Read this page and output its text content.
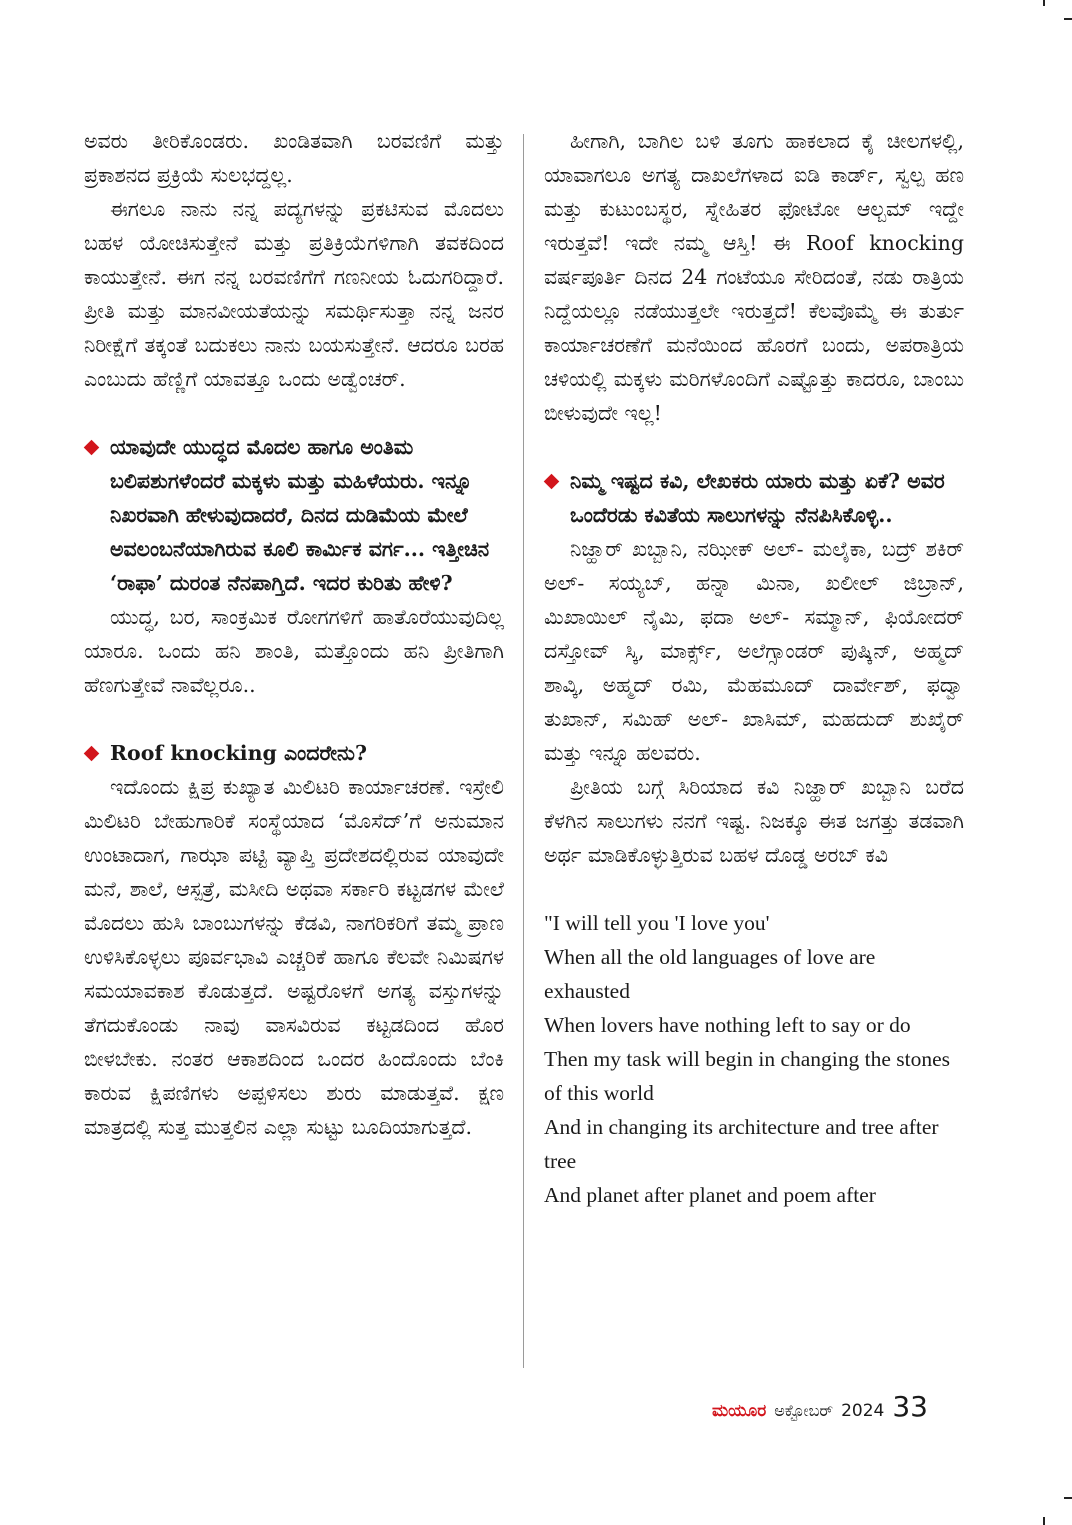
ಅವರು ತೀರಿಕೊಂಡರು. ಖಂಡಿತವಾಗಿ ಬರವಣಿಗೆ ಮತ್ತು ಪ್ರಕಾಶನದ ಪ್ರಕ್ರಿಯೆ ಸುಲಭದ್ದಲ್ಲ.

ಈಗಲೂ ನಾನು ನನ್ನ ಪದ್ಯಗಳನ್ನು ಪ್ರಕಟಿಸುವ ಮೊದಲು ಬಹಳ ಯೋಚಿಸುತ್ತೇನೆ ಮತ್ತು ಪ್ರತಿಕ್ರಿಯೆಗಳಿಗಾಗಿ ತವಕದಿಂದ ಕಾಯುತ್ತೇನೆ. ಈಗ ನನ್ನ ಬರವಣಿಗೆಗೆ ಗಣನೀಯ ಓದುಗರಿದ್ದಾರೆ. ಪ್ರೀತಿ ಮತ್ತು ಮಾನವೀಯತೆಯನ್ನು ಸಮರ್ಥಿಸುತ್ತಾ ನನ್ನ ಜನರ ನಿರೀಕ್ಷೆಗೆ ತಕ್ಕಂತೆ ಬದುಕಲು ನಾನು ಬಯಸುತ್ತೇನೆ. ಆದರೂ ಬರಹ ಎಂಬುದು ಹೆಣ್ಣಿಗೆ ಯಾವತ್ತೂ ಒಂದು ಅಡ್ವೆಂಚರ್.

ಯಾವುದೇ ಯುದ್ಧದ ಮೊದಲ ಹಾಗೂ ಅಂತಿಮ ಬಲಿಪಶುಗಳೆಂದರೆ ಮಕ್ಕಳು ಮತ್ತು ಮಹಿಳೆಯರು. ಇನ್ನೂ ನಿಖರವಾಗಿ ಹೇಳುವುದಾದರೆ, ದಿನದ ದುಡಿಮೆಯ ಮೇಲೆ ಅವಲಂಬನೆಯಾಗಿರುವ ಕೂಲಿ ಕಾರ್ಮಿಕ ವರ್ಗ... ಇತ್ತೀಚಿನ ‘ರಾಫಾ’ ದುರಂತ ನೆನಪಾಗ್ತಿದೆ. ಇದರ ಕುರಿತು ಹೇಳಿ?

ಯುದ್ಧ, ಬರ, ಸಾಂಕ್ರಮಿಕ ರೋಗಗಳಿಗೆ ಹಾತೊರೆಯುವುದಿಲ್ಲ ಯಾರೂ. ಒಂದು ಹನಿ ಶಾಂತಿ, ಮತ್ತೊಂದು ಹನಿ ಪ್ರೀತಿಗಾಗಿ ಹೆಣಗುತ್ತೇವೆ ನಾವೆಲ್ಲರೂ..

Roof knocking ಎಂದರೇನು?

ಇದೊಂದು ಕ್ಷಿಪ್ರ ಕುಖ್ಯಾತ ಮಿಲಿಟರಿ ಕಾರ್ಯಾಚರಣೆ. ಇಸ್ರೇಲಿ ಮಿಲಿಟರಿ ಬೇಹುಗಾರಿಕೆ ಸಂಸ್ಥೆಯಾದ ‘ಮೊಸೆದ್’ಗೆ ಅನುಮಾನ ಉಂಟಾದಾಗ, ಗಾಝಾ ಪಟ್ಟಿ ವ್ಯಾಪ್ತಿ ಪ್ರದೇಶದಲ್ಲಿರುವ ಯಾವುದೇ ಮನೆ, ಶಾಲೆ, ಆಸ್ಪತ್ರೆ, ಮಸೀದಿ ಅಥವಾ ಸರ್ಕಾರಿ ಕಟ್ಟಡಗಳ ಮೇಲೆ ಮೊದಲು ಹುಸಿ ಬಾಂಬುಗಳನ್ನು ಕೆಡವಿ, ನಾಗರಿಕರಿಗೆ ತಮ್ಮ ಪ್ರಾಣ ಉಳಿಸಿಕೊಳ್ಳಲು ಪೂರ್ವಭಾವಿ ಎಚ್ಚರಿಕೆ ಹಾಗೂ ಕೆಲವೇ ನಿಮಿಷಗಳ ಸಮಯಾವಕಾಶ ಕೊಡುತ್ತದೆ. ಅಷ್ಟರೊಳಗೆ ಅಗತ್ಯ ವಸ್ತುಗಳನ್ನು ತೆಗದುಕೊಂಡು ನಾವು ವಾಸವಿರುವ ಕಟ್ಟಡದಿಂದ ಹೊರ ಬೀಳಬೇಕು. ನಂತರ ಆಕಾಶದಿಂದ ಒಂದರ ಹಿಂದೊಂದು ಬೆಂಕಿ ಕಾರುವ ಕ್ಷಿಪಣಿಗಳು ಅಪ್ಪಳಿಸಲು ಶುರು ಮಾಡುತ್ತವೆ. ಕ್ಷಣ ಮಾತ್ರದಲ್ಲಿ ಸುತ್ತ ಮುತ್ತಲಿನ ಎಲ್ಲಾ ಸುಟ್ಟು ಬೂದಿಯಾಗುತ್ತದೆ.

ಹೀಗಾಗಿ, ಬಾಗಿಲ ಬಳಿ ತೂಗು ಹಾಕಲಾದ ಕೈ ಚೀಲಗಳಲ್ಲಿ, ಯಾವಾಗಲೂ ಅಗತ್ಯ ದಾಖಲೆಗಳಾದ ಐಡಿ ಕಾರ್ಡ್, ಸ್ವಲ್ಪ ಹಣ ಮತ್ತು ಕುಟುಂಬಸ್ಥರ, ಸ್ನೇಹಿತರ ಫೋಟೋ ಆಲ್ಬಮ್ ಇದ್ದೇ ಇರುತ್ತವೆ! ಇದೇ ನಮ್ಮ ಆಸ್ತಿ! ಈ Roof knocking ವರ್ಷಪೂರ್ತಿ ದಿನದ 24 ಗಂಟೆಯೂ ಸೇರಿದಂತೆ, ನಡು ರಾತ್ರಿಯ ನಿದ್ದೆಯಲ್ಲೂ ನಡೆಯುತ್ತಲೇ ಇರುತ್ತದೆ! ಕೆಲವೊಮ್ಮೆ ಈ ತುರ್ತು ಕಾರ್ಯಾಚರಣೆಗೆ ಮನೆಯಿಂದ ಹೊರಗೆ ಬಂದು, ಅಪರಾತ್ರಿಯ ಚಳಿಯಲ್ಲಿ ಮಕ್ಕಳು ಮರಿಗಳೊಂದಿಗೆ ಎಷ್ಟೊತ್ತು ಕಾದರೂ, ಬಾಂಬು ಬೀಳುವುದೇ ಇಲ್ಲ!

ನಿಮ್ಮ ಇಷ್ಟದ ಕವಿ, ಲೇಖಕರು ಯಾರು ಮತ್ತು ಏಕೆ? ಅವರ ಒಂದೆರಡು ಕವಿತೆಯ ಸಾಲುಗಳನ್ನು ನೆನಪಿಸಿಕೊಳ್ಳಿ..

ನಿಜ್ಹಾರ್ ಖಬ್ಬಾನಿ, ನಝೀಕ್ ಅಲ್- ಮಲೈಕಾ, ಬದ್ರ್ ಶಕಿರ್ ಅಲ್- ಸಯ್ಯಬ್, ಹನ್ನಾ ಮಿನಾ, ಖಲೀಲ್ ಜಿಬ್ರಾನ್, ಮಿಖಾಯಿಲ್ ನೈಮಿ, ಫದಾ ಅಲ್- ಸಮ್ಮಾನ್, ಫಿಯೋದರ್ ದಸ್ತೋವ್ ಸ್ಕಿ, ಮಾರ್ಕ್ಸ್, ಅಲೆಗ್ಸಾಂಡರ್ ಪುಷ್ಕಿನ್, ಅಹ್ಮದ್ ಶಾವ್ಕಿ, ಅಹ್ಮದ್ ರಮಿ, ಮೆಹಮೂದ್ ದಾರ್ವೇಶ್, ಫದ್ವಾ ತುಖಾನ್, ಸಮಿಹ್ ಅಲ್- ಖಾಸಿಮ್, ಮಹದುದ್ ಶುಖೈರ್ ಮತ್ತು ಇನ್ನೂ ಹಲವರು.

ಪ್ರೀತಿಯ ಬಗ್ಗೆ ಸಿರಿಯಾದ ಕವಿ ನಿಜ್ಹಾರ್ ಖಬ್ಬಾನಿ ಬರೆದ ಕೆಳಗಿನ ಸಾಲುಗಳು ನನಗೆ ಇಷ್ಟ. ನಿಜಕ್ಕೂ ಈತ ಜಗತ್ತು ತಡವಾಗಿ ಅರ್ಥ ಮಾಡಿಕೊಳ್ಳುತ್ತಿರುವ ಬಹಳ ದೊಡ್ಡ ಅರಬ್ ಕವಿ

"I will tell you 'I love you'

When all the old languages of love are exhausted

When lovers have nothing left to say or do

Then my task will begin in changing the stones of this world

And in changing its architecture and tree after tree

And planet after planet and poem after

ಮಯೂರ ಅಕ್ಟೋಬರ್ 2024 33
